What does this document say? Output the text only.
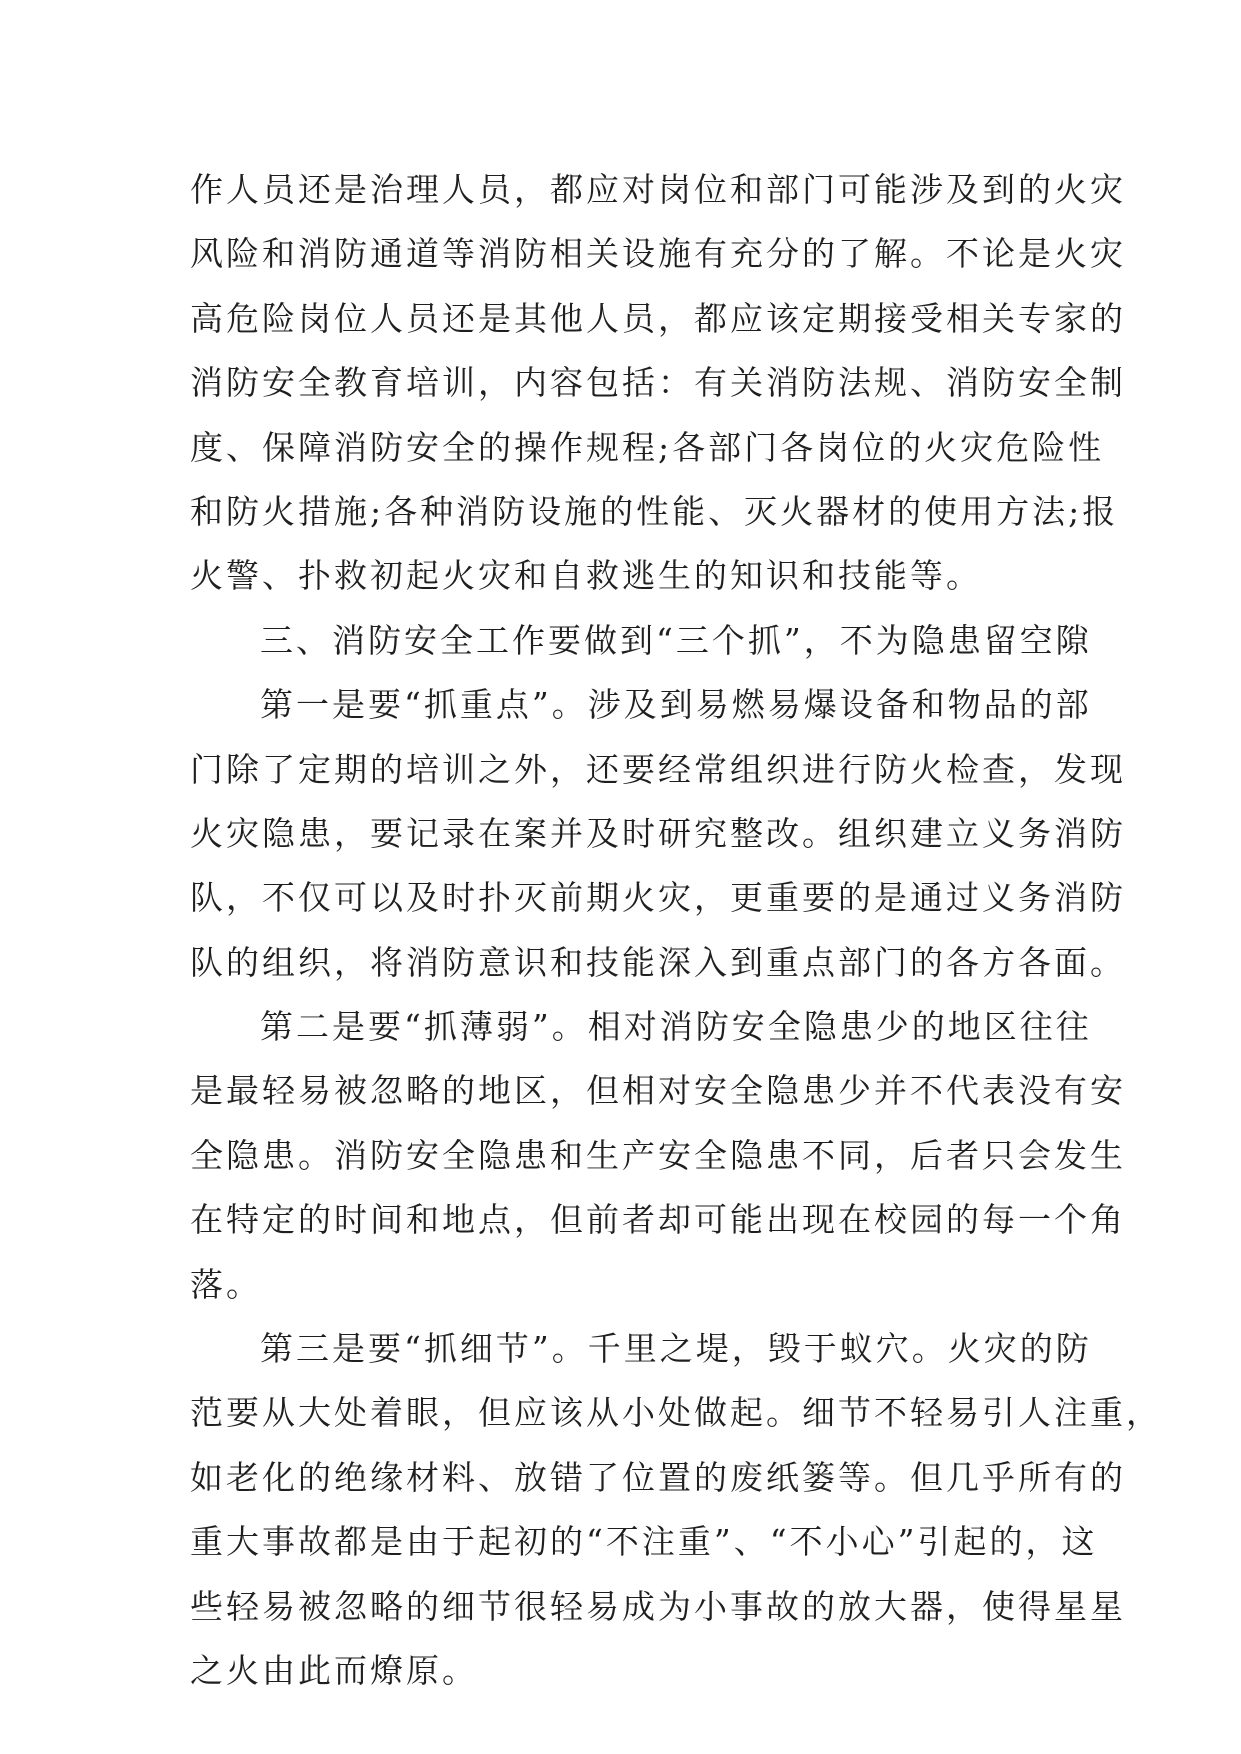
作人员还是治理人员，都应对岗位和部门可能涉及到的火灾
风险和消防通道等消防相关设施有充分的了解。不论是火灾
高危险岗位人员还是其他人员，都应该定期接受相关专家的
消防安全教育培训，内容包括：有关消防法规、消防安全制
度、保障消防安全的操作规程;各部门各岗位的火灾危险性
和防火措施;各种消防设施的性能、灭火器材的使用方法;报
火警、扑救初起火灾和自救逃生的知识和技能等。
三、消防安全工作要做到“三个抓”，不为隐患留空隙
第一是要“抓重点”。涉及到易燃易爆设备和物品的部
门除了定期的培训之外，还要经常组织进行防火检查，发现
火灾隐患，要记录在案并及时研究整改。组织建立义务消防
队，不仅可以及时扑灭前期火灾，更重要的是通过义务消防
队的组织，将消防意识和技能深入到重点部门的各方各面。
第二是要“抓薄弱”。相对消防安全隐患少的地区往往
是最轻易被忽略的地区，但相对安全隐患少并不代表没有安
全隐患。消防安全隐患和生产安全隐患不同，后者只会发生
在特定的时间和地点，但前者却可能出现在校园的每一个角
落。
第三是要“抓细节”。千里之堤，毁于蚁穴。火灾的防
范要从大处着眼，但应该从小处做起。细节不轻易引人注重，
如老化的绝缘材料、放错了位置的废纸篓等。但几乎所有的
重大事故都是由于起初的“不注重”、“不小心”引起的，这
些轻易被忽略的细节很轻易成为小事故的放大器，使得星星
之火由此而燎原。
